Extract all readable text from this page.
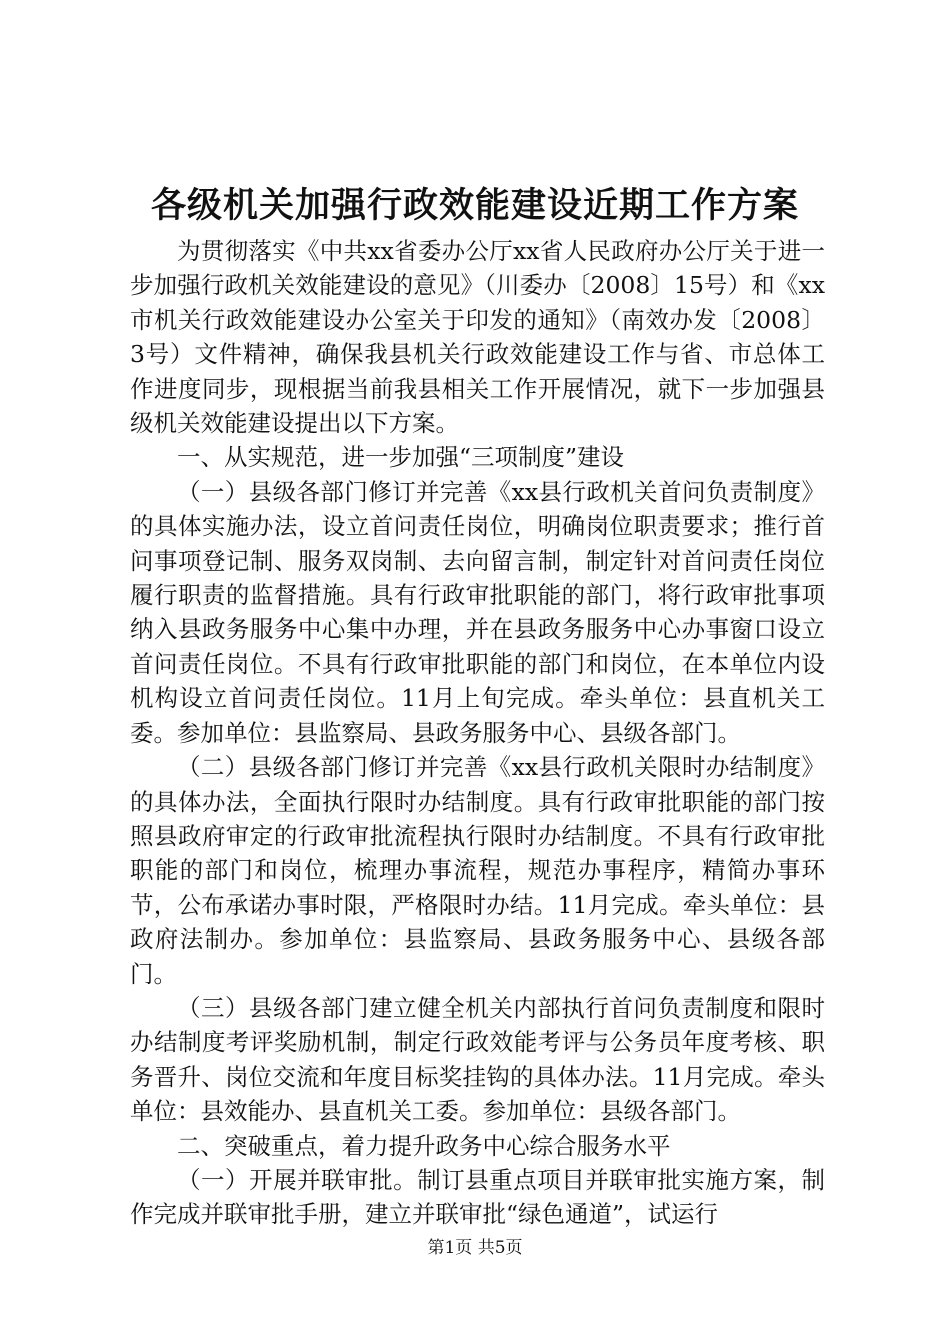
各级机关加强行政效能建设近期工作方案

为贯彻落实《中共xx省委办公厅xx省人民政府办公厅关于进一步加强行政机关效能建设的意见》（川委办〔2008〕15号）和《xx市机关行政效能建设办公室关于印发的通知》（南效办发〔2008〕3号）文件精神，确保我县机关行政效能建设工作与省、市总体工作进度同步，现根据当前我县相关工作开展情况，就下一步加强县级机关效能建设提出以下方案。

一、从实规范，进一步加强“三项制度”建设

（一）县级各部门修订并完善《xx县行政机关首问负责制度》的具体实施办法，设立首问责任岗位，明确岗位职责要求；推行首问事项登记制、服务双岗制、去向留言制，制定针对首问责任岗位履行职责的监督措施。具有行政审批职能的部门，将行政审批事项纳入县政务服务中心集中办理，并在县政务服务中心办事窗口设立首问责任岗位。不具有行政审批职能的部门和岗位，在本单位内设机构设立首问责任岗位。11月上旬完成。牵头单位：县直机关工委。参加单位：县监察局、县政务服务中心、县级各部门。

（二）县级各部门修订并完善《xx县行政机关限时办结制度》的具体办法，全面执行限时办结制度。具有行政审批职能的部门按照县政府审定的行政审批流程执行限时办结制度。不具有行政审批职能的部门和岗位，梳理办事流程，规范办事程序，精简办事环节，公布承诺办事时限，严格限时办结。11月完成。牵头单位：县政府法制办。参加单位：县监察局、县政务服务中心、县级各部门。

（三）县级各部门建立健全机关内部执行首问负责制度和限时办结制度考评奖励机制，制定行政效能考评与公务员年度考核、职务晋升、岗位交流和年度目标奖挂钩的具体办法。11月完成。牵头单位：县效能办、县直机关工委。参加单位：县级各部门。

二、突破重点，着力提升政务中心综合服务水平

（一）开展并联审批。制订县重点项目并联审批实施方案，制作完成并联审批手册，建立并联审批“绿色通道”，试运行

第1页 共5页
